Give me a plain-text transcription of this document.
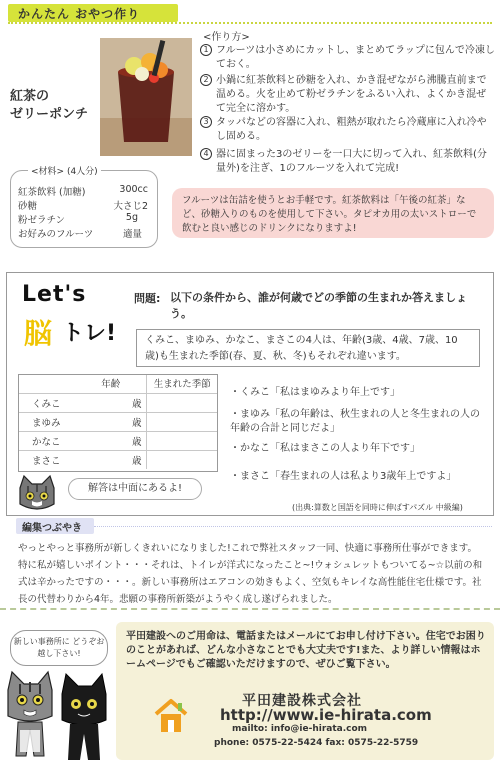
かんたん おやつ作り
紅茶の
ゼリーポンチ
<作り方>
1 フルーツは小さめにカットし、まとめてラップに包んで冷凍しておく。
2 小鍋に紅茶飲料と砂糖を入れ、かき混ぜながら沸騰直前まで温める。火を止めて粉ゼラチンをふるい入れ、よくかき混ぜて完全に溶かす。
3 タッパなどの容器に入れ、粗熱が取れたら冷蔵庫に入れ冷やし固める。
4 器に固まった3のゼリーを一口大に切って入れ、紅茶飲料(分量外)を注ぎ、1のフルーツを入れて完成!
<材料> (4人分)
紅茶飲料 (加糖)	300cc
砂糖	大さじ2
粉ゼラチン	5g
お好みのフルーツ	適量
フルーツは缶詰を使うとお手軽です。紅茶飲料は「午後の紅茶」など、砂糖入りのものを使用して下さい。タピオカ用の太いストローで飲むと良い感じのドリンクになりますよ!
Let's
脳 トレ!
問題: 以下の条件から、誰が何歳でどの季節の生まれか答えましょう。
くみこ、まゆみ、かなこ、まさこの4人は、年齢(3歳、4歳、7歳、10歳)も生まれた季節(春、夏、秋、冬)もそれぞれ違います。
	年齢	生まれた季節
くみこ	歳	
まゆみ	歳	
かなこ	歳	
まさこ	歳	
・くみこ「私はまゆみより年上です」
・まゆみ「私の年齢は、秋生まれの人と冬生まれの人の年齢の合計と同じだよ」
・かなこ「私はまさこの人より年下です」
・まさこ「春生まれの人は私より3歳年上ですよ」
解答は中面にあるよ!
(出典:算数と国語を同時に伸ばすパズル 中級編)
編集つぶやき
やっとやっと事務所が新しくきれいになりました!これで弊社スタッフ一同、快適に事務所仕事ができます。特に私が嬉しいポイント・・・それは、トイレが洋式になったこと~!ウォシュレットもついてる~☆以前の和式は辛かったですの・・・。新しい事務所はエアコンの効きもよく、空気もキレイな高性能住宅仕様です。社長の代替わりから4年。悲願の事務所新築がようやく成し遂げられました。
平田建設へのご用命は、電話またはメールにてお申し付け下さい。住宅でお困りのことがあれば、どんな小さなことでも大丈夫です!また、より詳しい情報はホームページでもご確認いただけますので、ぜひご覧下さい。
平田建設株式会社
http://www.ie-hirata.com
mailto: info@ie-hirata.com
phone: 0575-22-5424 fax: 0575-22-5759
新しい事務所に どうぞお越し下さい!
